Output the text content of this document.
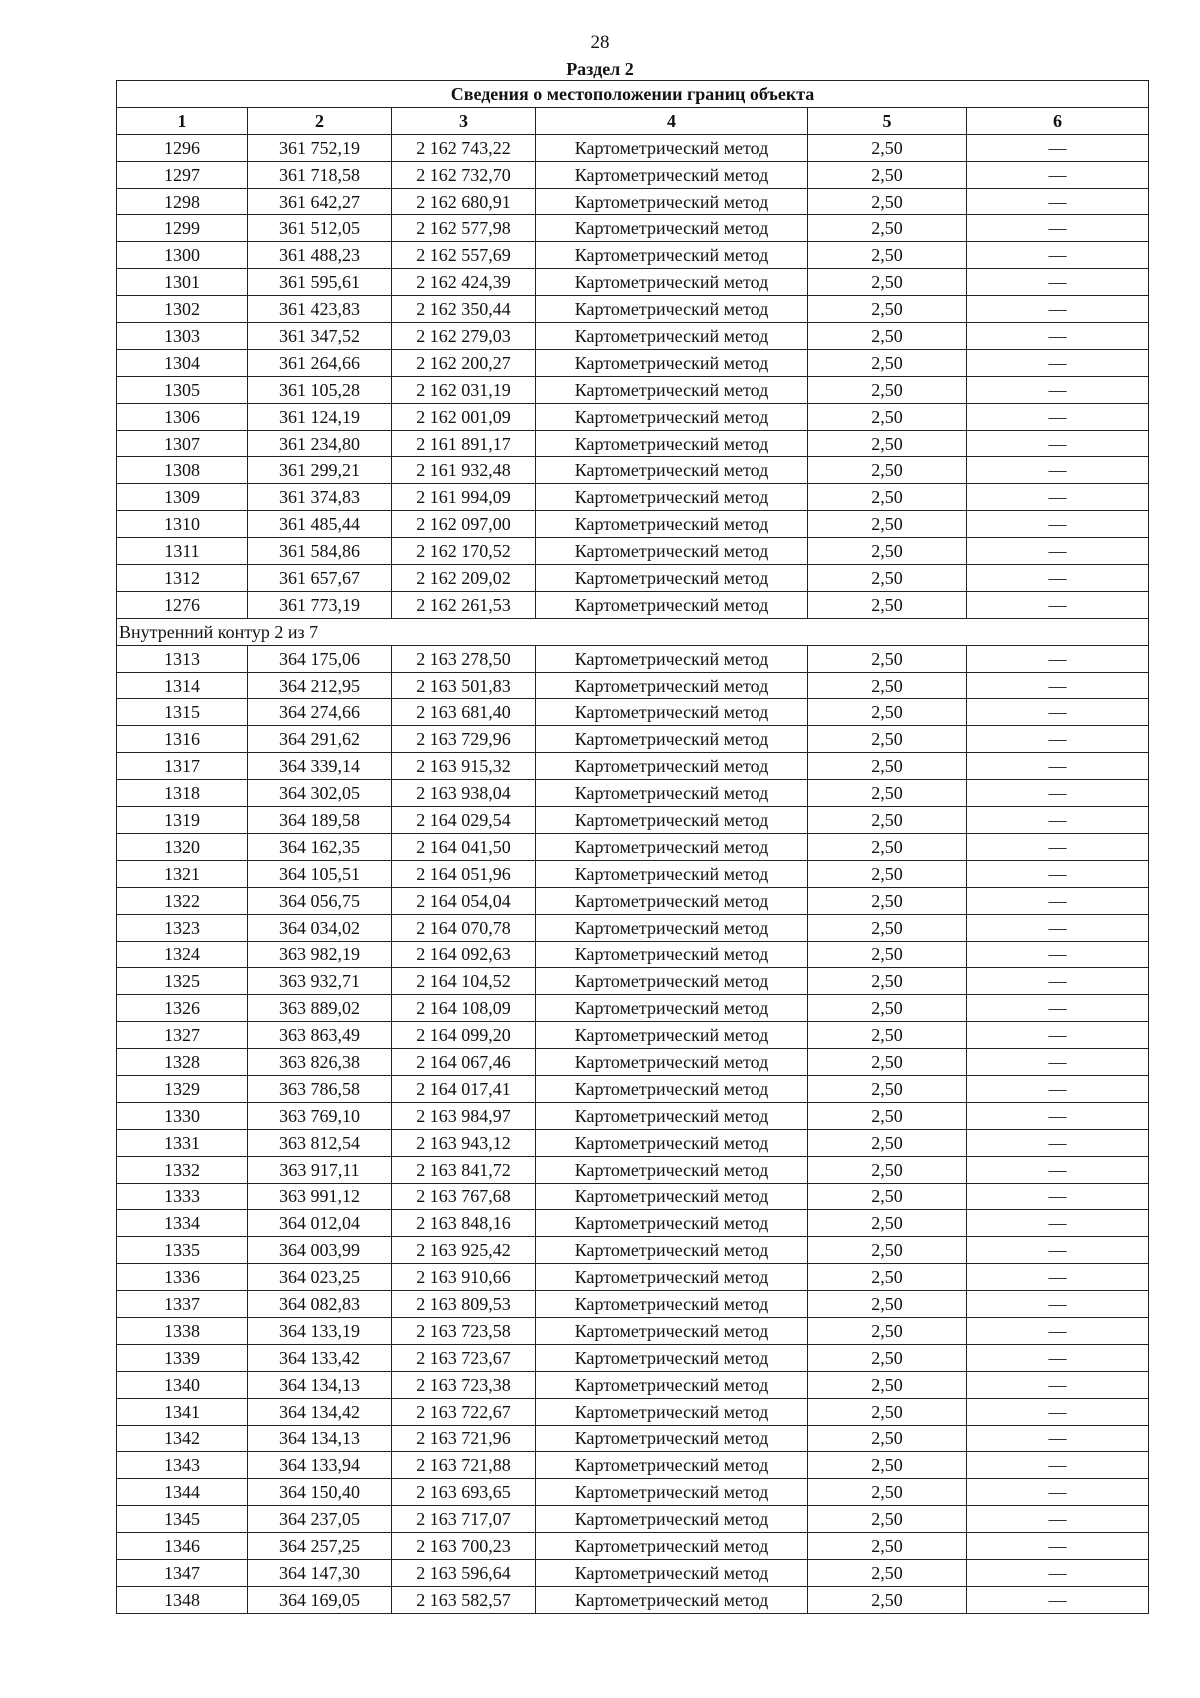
28
Раздел 2
Сведения о местоположении границ объекта					
1	2	3	4	5	6
1296	361 752,19	2 162 743,22	Картометрический метод	2,50	—
1297	361 718,58	2 162 732,70	Картометрический метод	2,50	—
1298	361 642,27	2 162 680,91	Картометрический метод	2,50	—
1299	361 512,05	2 162 577,98	Картометрический метод	2,50	—
1300	361 488,23	2 162 557,69	Картометрический метод	2,50	—
1301	361 595,61	2 162 424,39	Картометрический метод	2,50	—
1302	361 423,83	2 162 350,44	Картометрический метод	2,50	—
1303	361 347,52	2 162 279,03	Картометрический метод	2,50	—
1304	361 264,66	2 162 200,27	Картометрический метод	2,50	—
1305	361 105,28	2 162 031,19	Картометрический метод	2,50	—
1306	361 124,19	2 162 001,09	Картометрический метод	2,50	—
1307	361 234,80	2 161 891,17	Картометрический метод	2,50	—
1308	361 299,21	2 161 932,48	Картометрический метод	2,50	—
1309	361 374,83	2 161 994,09	Картометрический метод	2,50	—
1310	361 485,44	2 162 097,00	Картометрический метод	2,50	—
1311	361 584,86	2 162 170,52	Картометрический метод	2,50	—
1312	361 657,67	2 162 209,02	Картометрический метод	2,50	—
1276	361 773,19	2 162 261,53	Картометрический метод	2,50	—
Внутренний контур 2 из 7					
1313	364 175,06	2 163 278,50	Картометрический метод	2,50	—
1314	364 212,95	2 163 501,83	Картометрический метод	2,50	—
1315	364 274,66	2 163 681,40	Картометрический метод	2,50	—
1316	364 291,62	2 163 729,96	Картометрический метод	2,50	—
1317	364 339,14	2 163 915,32	Картометрический метод	2,50	—
1318	364 302,05	2 163 938,04	Картометрический метод	2,50	—
1319	364 189,58	2 164 029,54	Картометрический метод	2,50	—
1320	364 162,35	2 164 041,50	Картометрический метод	2,50	—
1321	364 105,51	2 164 051,96	Картометрический метод	2,50	—
1322	364 056,75	2 164 054,04	Картометрический метод	2,50	—
1323	364 034,02	2 164 070,78	Картометрический метод	2,50	—
1324	363 982,19	2 164 092,63	Картометрический метод	2,50	—
1325	363 932,71	2 164 104,52	Картометрический метод	2,50	—
1326	363 889,02	2 164 108,09	Картометрический метод	2,50	—
1327	363 863,49	2 164 099,20	Картометрический метод	2,50	—
1328	363 826,38	2 164 067,46	Картометрический метод	2,50	—
1329	363 786,58	2 164 017,41	Картометрический метод	2,50	—
1330	363 769,10	2 163 984,97	Картометрический метод	2,50	—
1331	363 812,54	2 163 943,12	Картометрический метод	2,50	—
1332	363 917,11	2 163 841,72	Картометрический метод	2,50	—
1333	363 991,12	2 163 767,68	Картометрический метод	2,50	—
1334	364 012,04	2 163 848,16	Картометрический метод	2,50	—
1335	364 003,99	2 163 925,42	Картометрический метод	2,50	—
1336	364 023,25	2 163 910,66	Картометрический метод	2,50	—
1337	364 082,83	2 163 809,53	Картометрический метод	2,50	—
1338	364 133,19	2 163 723,58	Картометрический метод	2,50	—
1339	364 133,42	2 163 723,67	Картометрический метод	2,50	—
1340	364 134,13	2 163 723,38	Картометрический метод	2,50	—
1341	364 134,42	2 163 722,67	Картометрический метод	2,50	—
1342	364 134,13	2 163 721,96	Картометрический метод	2,50	—
1343	364 133,94	2 163 721,88	Картометрический метод	2,50	—
1344	364 150,40	2 163 693,65	Картометрический метод	2,50	—
1345	364 237,05	2 163 717,07	Картометрический метод	2,50	—
1346	364 257,25	2 163 700,23	Картометрический метод	2,50	—
1347	364 147,30	2 163 596,64	Картометрический метод	2,50	—
1348	364 169,05	2 163 582,57	Картометрический метод	2,50	—
